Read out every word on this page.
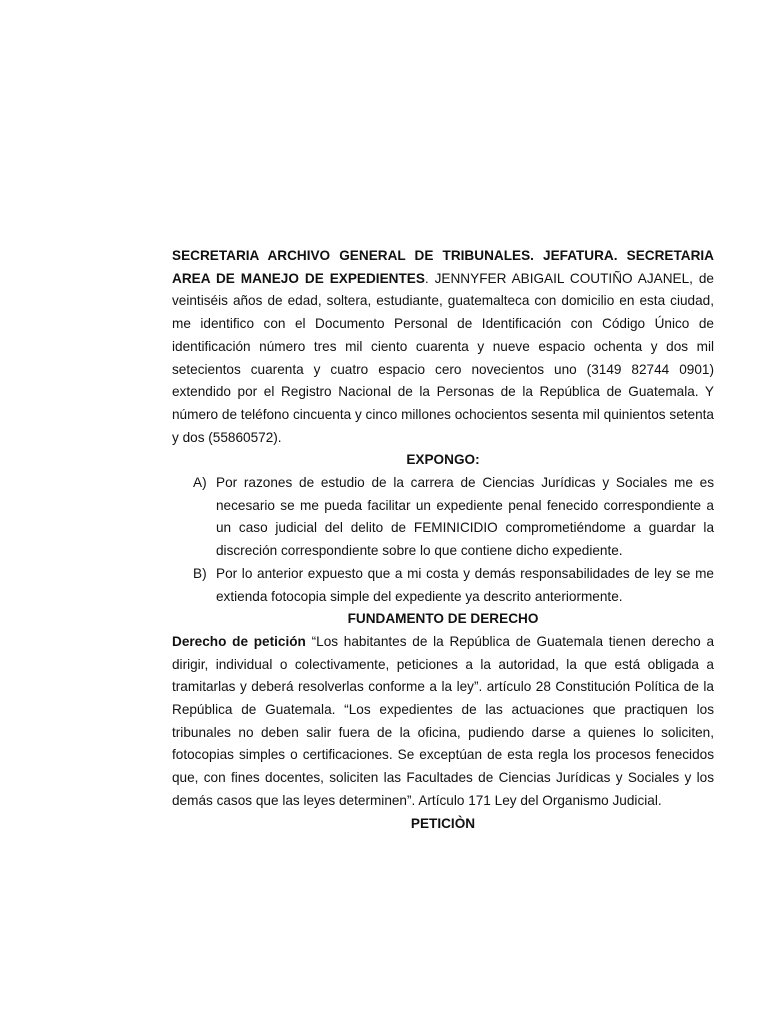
SECRETARIA ARCHIVO GENERAL DE TRIBUNALES. JEFATURA. SECRETARIA AREA DE MANEJO DE EXPEDIENTES. JENNYFER ABIGAIL COUTIÑO AJANEL, de veintiséis años de edad, soltera, estudiante, guatemalteca con domicilio en esta ciudad, me identifico con el Documento Personal de Identificación con Código Único de identificación número tres mil ciento cuarenta y nueve espacio ochenta y dos mil setecientos cuarenta y cuatro espacio cero novecientos uno (3149 82744 0901) extendido por el Registro Nacional de la Personas de la República de Guatemala. Y número de teléfono cincuenta y cinco millones ochocientos sesenta mil quinientos setenta y dos (55860572).

EXPONGO:

A) Por razones de estudio de la carrera de Ciencias Jurídicas y Sociales me es necesario se me pueda facilitar un expediente penal fenecido correspondiente a un caso judicial del delito de FEMINICIDIO comprometiéndome a guardar la discreción correspondiente sobre lo que contiene dicho expediente.
B) Por lo anterior expuesto que a mi costa y demás responsabilidades de ley se me extienda fotocopia simple del expediente ya descrito anteriormente.

FUNDAMENTO DE DERECHO

Derecho de petición “Los habitantes de la República de Guatemala tienen derecho a dirigir, individual o colectivamente, peticiones a la autoridad, la que está obligada a tramitarlas y deberá resolverlas conforme a la ley”. artículo 28 Constitución Política de la República de Guatemala. “Los expedientes de las actuaciones que practiquen los tribunales no deben salir fuera de la oficina, pudiendo darse a quienes lo soliciten, fotocopias simples o certificaciones. Se exceptúan de esta regla los procesos fenecidos que, con fines docentes, soliciten las Facultades de Ciencias Jurídicas y Sociales y los demás casos que las leyes determinen”. Artículo 171 Ley del Organismo Judicial.

PETICIÒN
